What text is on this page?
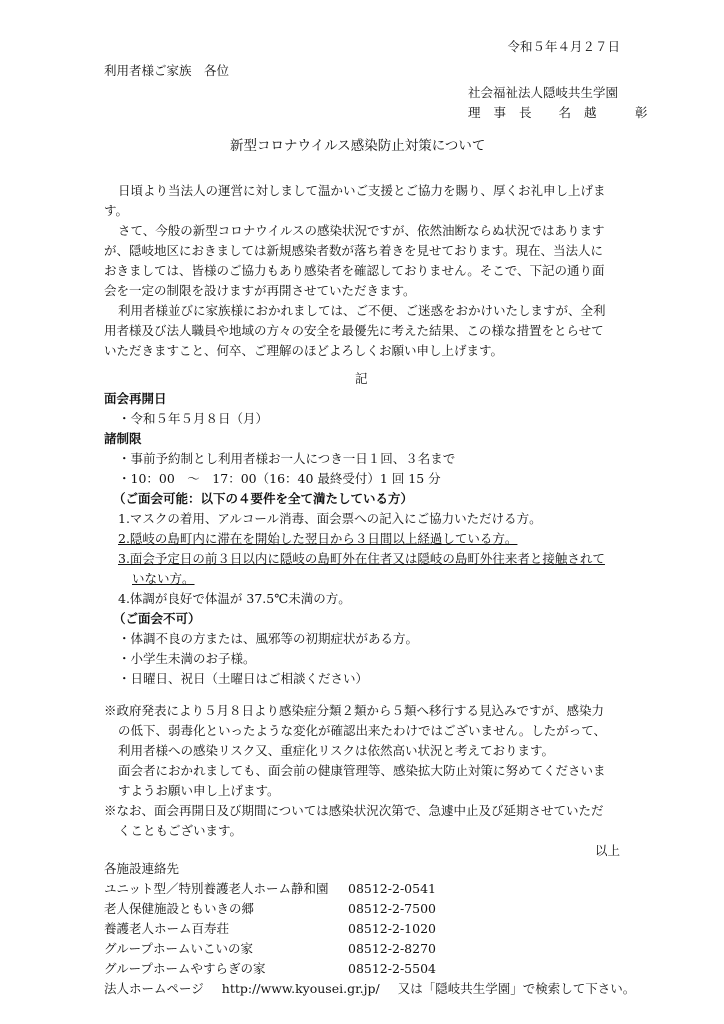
令和５年４月２７日
利用者様ご家族　各位
社会福祉法人隠岐共生学園
理事長 名越　彰
新型コロナウイルス感染防止対策について
日頃より当法人の運営に対しまして温かいご支援とご協力を賜り、厚くお礼申し上げま
す。
さて、今般の新型コロナウイルスの感染状況ですが、依然油断ならぬ状況ではあります
が、隠岐地区におきましては新規感染者数が落ち着きを見せております。現在、当法人に
おきましては、皆様のご協力もあり感染者を確認しておりません。そこで、下記の通り面
会を一定の制限を設けますが再開させていただきます。
利用者様並びに家族様におかれましては、ご不便、ご迷惑をおかけいたしますが、全利
用者様及び法人職員や地域の方々の安全を最優先に考えた結果、この様な措置をとらせて
いただきますこと、何卒、ご理解のほどよろしくお願い申し上げます。
記
面会再開日
・令和５年５月８日（月）
諸制限
・事前予約制とし利用者様お一人につき一日１回、３名まで
・10：00　～　17：00（16：40 最終受付）1 回 15 分
（ご面会可能：以下の４要件を全て満たしている方）
1.マスクの着用、アルコール消毒、面会票への記入にご協力いただける方。
2.隠岐の島町内に滞在を開始した翌日から３日間以上経過している方。
3.面会予定日の前３日以内に隠岐の島町外在住者又は隠岐の島町外往来者と接触されて
いない方。
4.体調が良好で体温が 37.5℃未満の方。
（ご面会不可）
・体調不良の方または、風邪等の初期症状がある方。
・小学生未満のお子様。
・日曜日、祝日（土曜日はご相談ください）
※政府発表により５月８日より感染症分類２類から５類へ移行する見込みですが、感染力
の低下、弱毒化といったような変化が確認出来たわけではございません。したがって、
利用者様への感染リスク又、重症化リスクは依然高い状況と考えております。
面会者におかれましても、面会前の健康管理等、感染拡大防止対策に努めてくださいま
すようお願い申し上げます。
※なお、面会再開日及び期間については感染状況次第で、急遽中止及び延期させていただ
くこともございます。
以上
各施設連絡先
ユニット型／特別養護老人ホーム静和園 08512-2-0541
老人保健施設ともいきの郷	08512-2-7500
養護老人ホーム百寿荘	08512-2-1020
グループホームいこいの家	08512-2-8270
グループホームやすらぎの家	08512-2-5504
法人ホームページ http://www.kyousei.gr.jp/ 又は「隠岐共生学園」で検索して下さい。
